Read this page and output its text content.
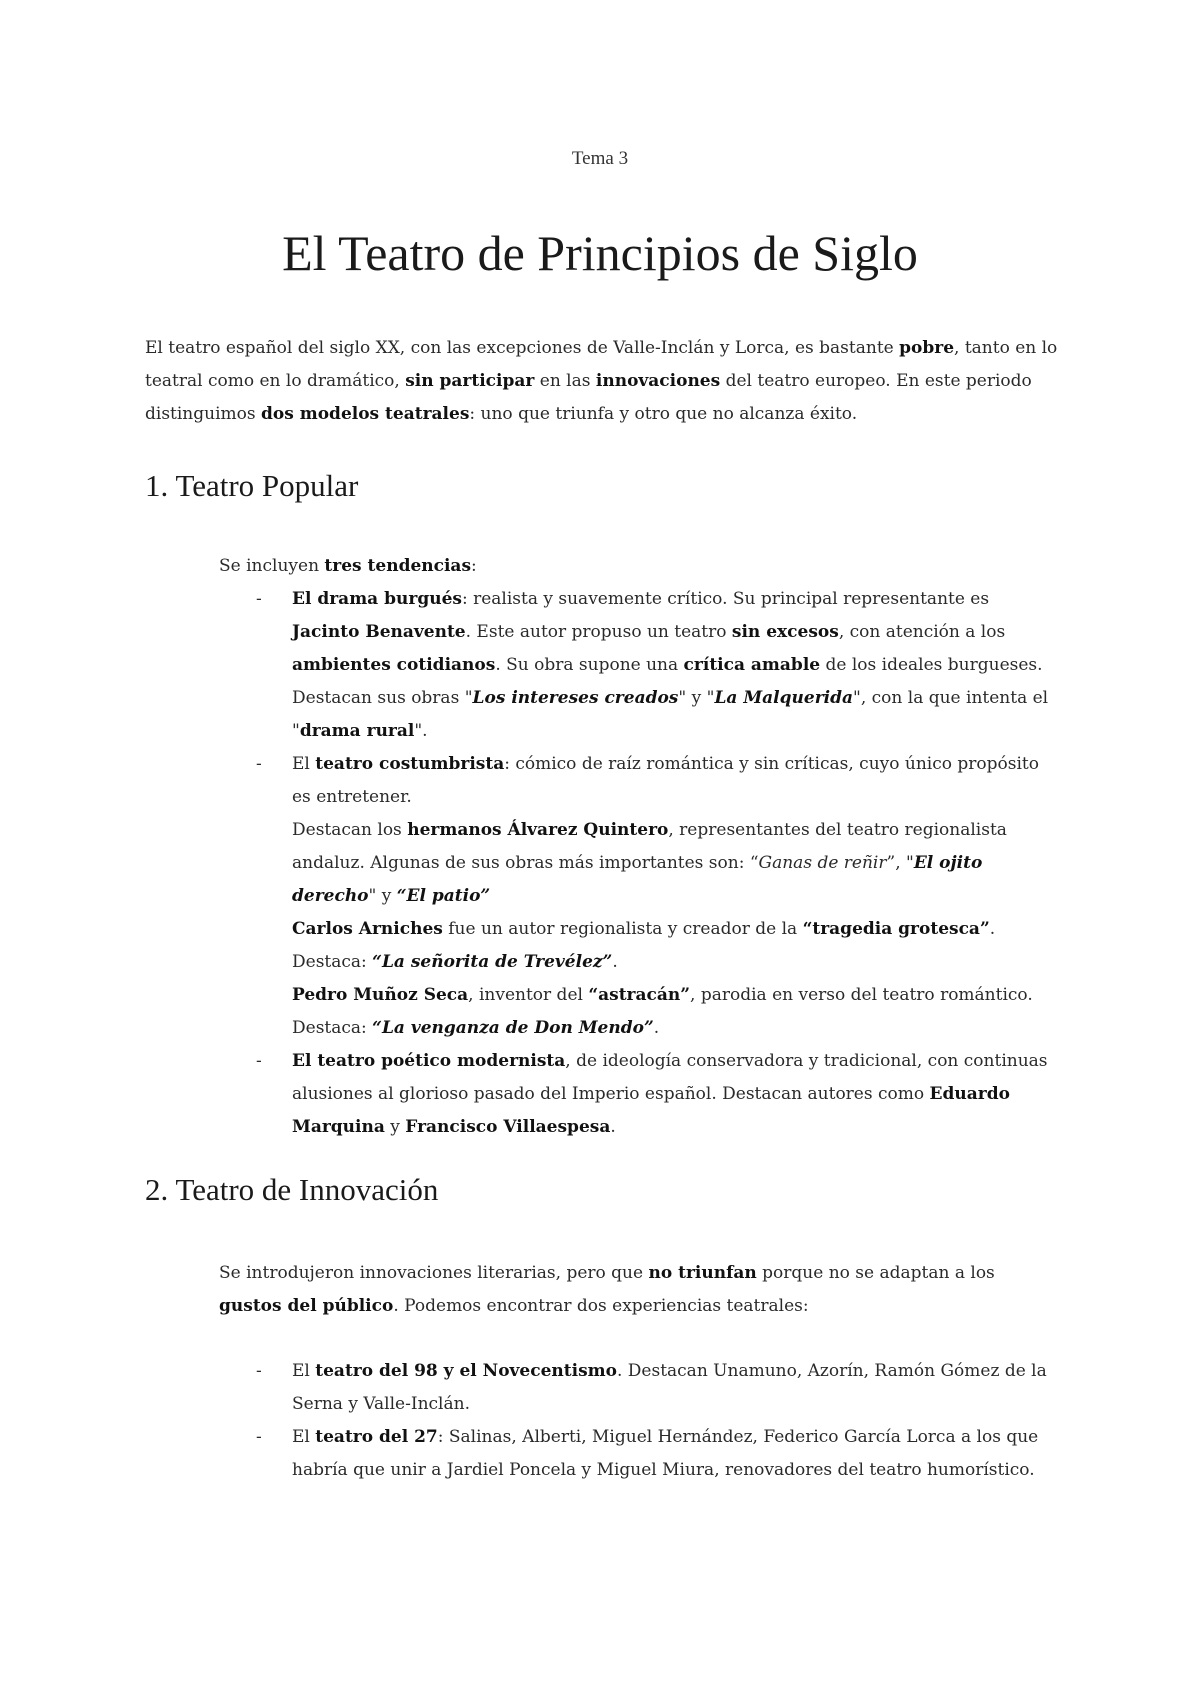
Tema 3
El Teatro de Principios de Siglo

El teatro español del siglo XX, con las excepciones de Valle-Inclán y Lorca, es bastante pobre, tanto en lo teatral como en lo dramático, sin participar en las innovaciones del teatro europeo. En este periodo distinguimos dos modelos teatrales: uno que triunfa y otro que no alcanza éxito.

1. Teatro Popular

Se incluyen tres tendencias:

- El drama burgués: realista y suavemente crítico. Su principal representante es Jacinto Benavente. Este autor propuso un teatro sin excesos, con atención a los ambientes cotidianos. Su obra supone una crítica amable de los ideales burgueses. Destacan sus obras "Los intereses creados" y "La Malquerida", con la que intenta el "drama rural".

- El teatro costumbrista: cómico de raíz romántica y sin críticas, cuyo único propósito es entretener.

Destacan los hermanos Álvarez Quintero, representantes del teatro regionalista andaluz. Algunas de sus obras más importantes son: “Ganas de reñir”, "El ojito derecho" y “El patio”

Carlos Arniches fue un autor regionalista y creador de la “tragedia grotesca”. Destaca: “La señorita de Trevélez”.

Pedro Muñoz Seca, inventor del “astracán”, parodia en verso del teatro romántico. Destaca: “La venganza de Don Mendo”.

- El teatro poético modernista, de ideología conservadora y tradicional, con continuas alusiones al glorioso pasado del Imperio español. Destacan autores como Eduardo Marquina y Francisco Villaespesa.

2. Teatro de Innovación

Se introdujeron innovaciones literarias, pero que no triunfan porque no se adaptan a los gustos del público. Podemos encontrar dos experiencias teatrales:

- El teatro del 98 y el Novecentismo. Destacan Unamuno, Azorín, Ramón Gómez de la Serna y Valle-Inclán.

- El teatro del 27: Salinas, Alberti, Miguel Hernández, Federico García Lorca a los que habría que unir a Jardiel Poncela y Miguel Miura, renovadores del teatro humorístico.
